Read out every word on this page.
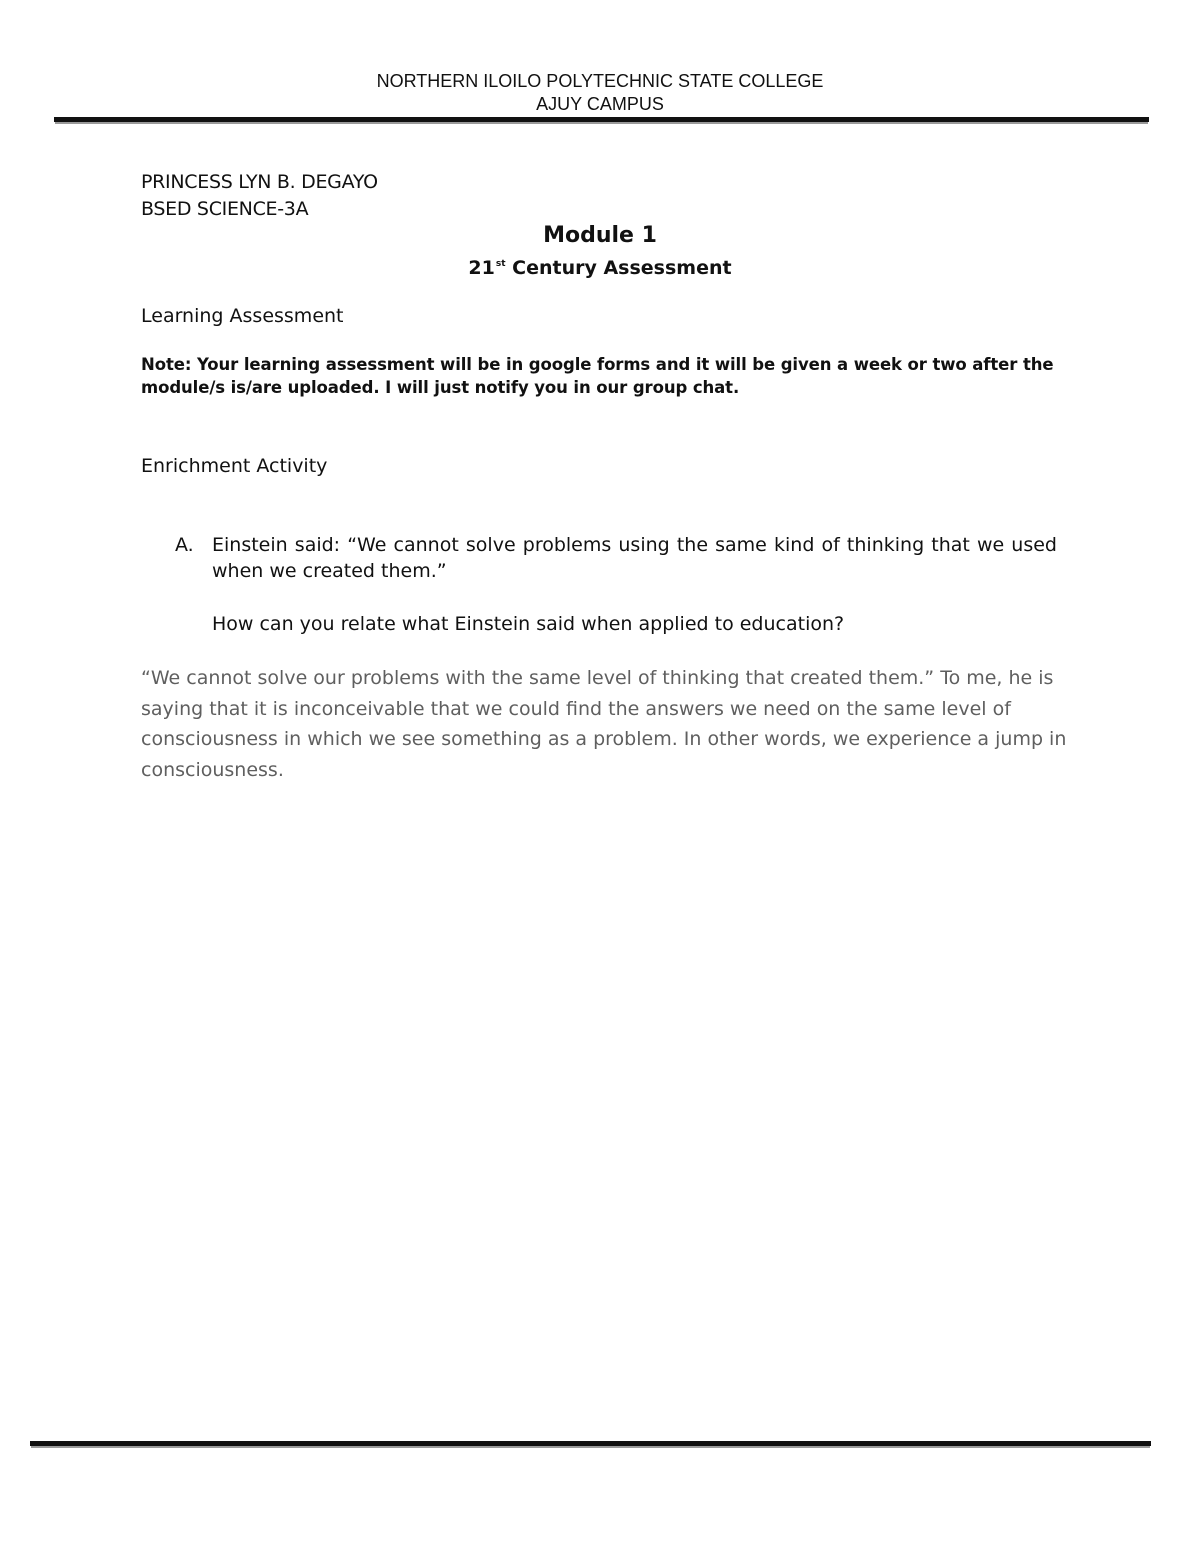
NORTHERN ILOILO POLYTECHNIC STATE COLLEGE
AJUY CAMPUS
PRINCESS LYN B. DEGAYO
BSED SCIENCE-3A
Module 1
21st Century Assessment
Learning Assessment
Note: Your learning assessment will be in google forms and it will be given a week or two after the module/s is/are uploaded. I will just notify you in our group chat.
Enrichment Activity
A. Einstein said: “We cannot solve problems using the same kind of thinking that we used when we created them.”
How can you relate what Einstein said when applied to education?
“We cannot solve our problems with the same level of thinking that created them.” To me, he is saying that it is inconceivable that we could find the answers we need on the same level of consciousness in which we see something as a problem. In other words, we experience a jump in consciousness.
